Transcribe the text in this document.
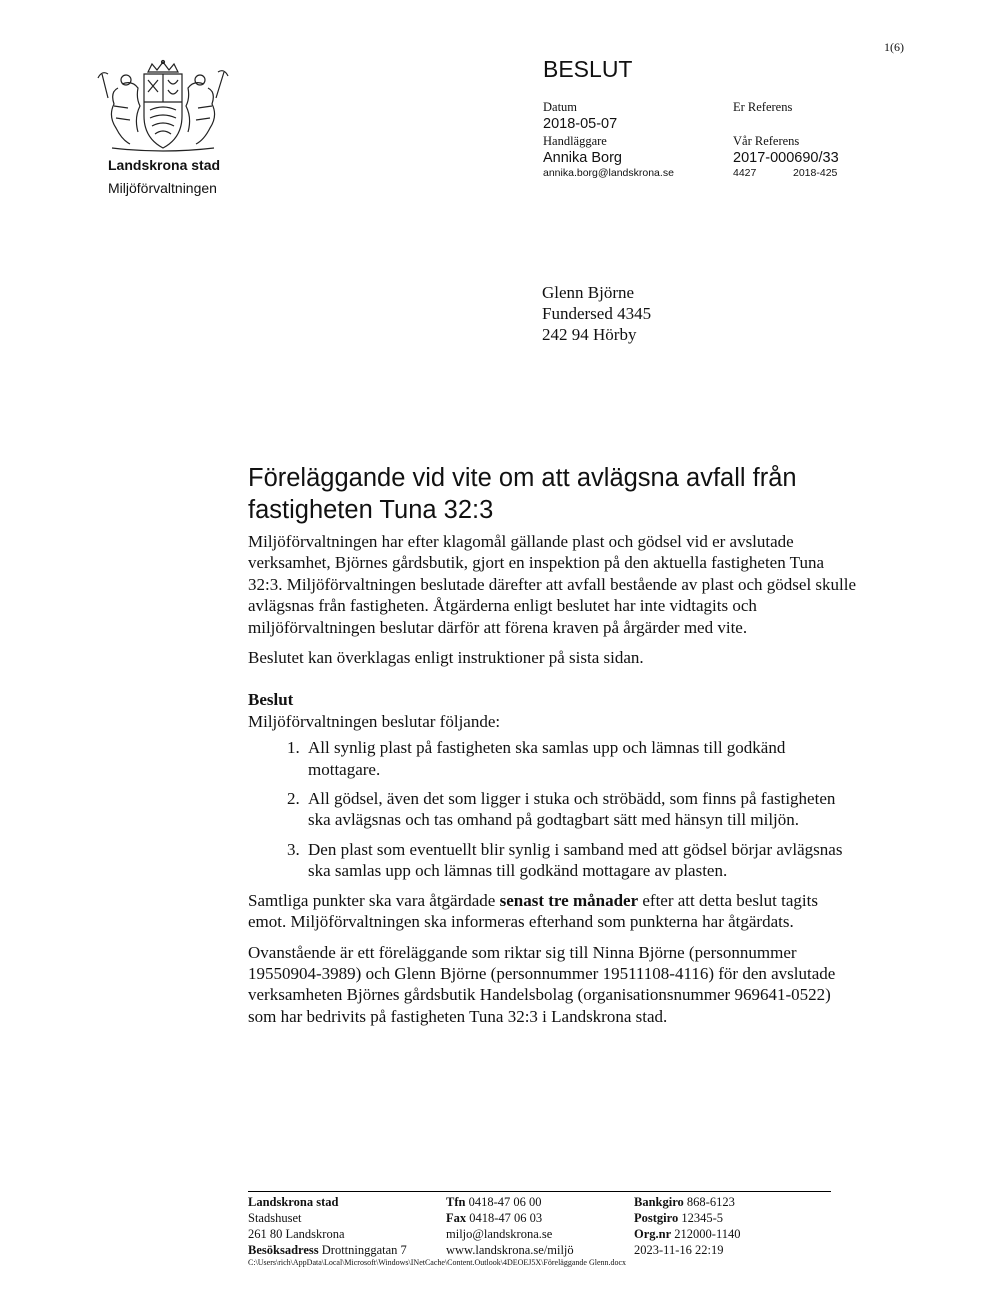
1(6)
Landskrona stad
Miljöförvaltningen
BESLUT
Datum
2018-05-07
Handläggare
Annika Borg
annika.borg@landskrona.se
Er Referens
Vår Referens
2017-000690/33
4427	2018-425
Glenn Björne
Fundersed 4345
242 94 Hörby
Föreläggande vid vite om att avlägsna avfall från fastigheten Tuna 32:3

Miljöförvaltningen har efter klagomål gällande plast och gödsel vid er avslutade verksamhet, Björnes gårdsbutik, gjort en inspektion på den aktuella fastigheten Tuna 32:3. Miljöförvaltningen beslutade därefter att avfall bestående av plast och gödsel skulle avlägsnas från fastigheten. Åtgärderna enligt beslutet har inte vidtagits och miljöförvaltningen beslutar därför att förena kraven på årgärder med vite.

Beslutet kan överklagas enligt instruktioner på sista sidan.

Beslut

Miljöförvaltningen beslutar följande:

1. All synlig plast på fastigheten ska samlas upp och lämnas till godkänd mottagare.
2. All gödsel, även det som ligger i stuka och ströbädd, som finns på fastigheten ska avlägsnas och tas omhand på godtagbart sätt med hänsyn till miljön.
3. Den plast som eventuellt blir synlig i samband med att gödsel börjar avlägsnas ska samlas upp och lämnas till godkänd mottagare av plasten.

Samtliga punkter ska vara åtgärdade senast tre månader efter att detta beslut tagits emot. Miljöförvaltningen ska informeras efterhand som punkterna har åtgärdats.

Ovanstående är ett föreläggande som riktar sig till Ninna Björne (personnummer 19550904-3989) och Glenn Björne (personnummer 19511108-4116) för den avslutade verksamheten Björnes gårdsbutik Handelsbolag (organisationsnummer 969641-0522) som har bedrivits på fastigheten Tuna 32:3 i Landskrona stad.

Landskrona stad
Stadshuset
261 80 Landskrona
Besöksadress Drottninggatan 7
Tfn 0418-47 06 00
Fax 0418-47 06 03
miljo@landskrona.se
www.landskrona.se/miljö
Bankgiro 868-6123
Postgiro 12345-5
Org.nr 212000-1140
2023-11-16 22:19
C:\Users\rich\AppData\Local\Microsoft\Windows\INetCache\Content.Outlook\4DEOEJ5X\Föreläggande Glenn.docx
